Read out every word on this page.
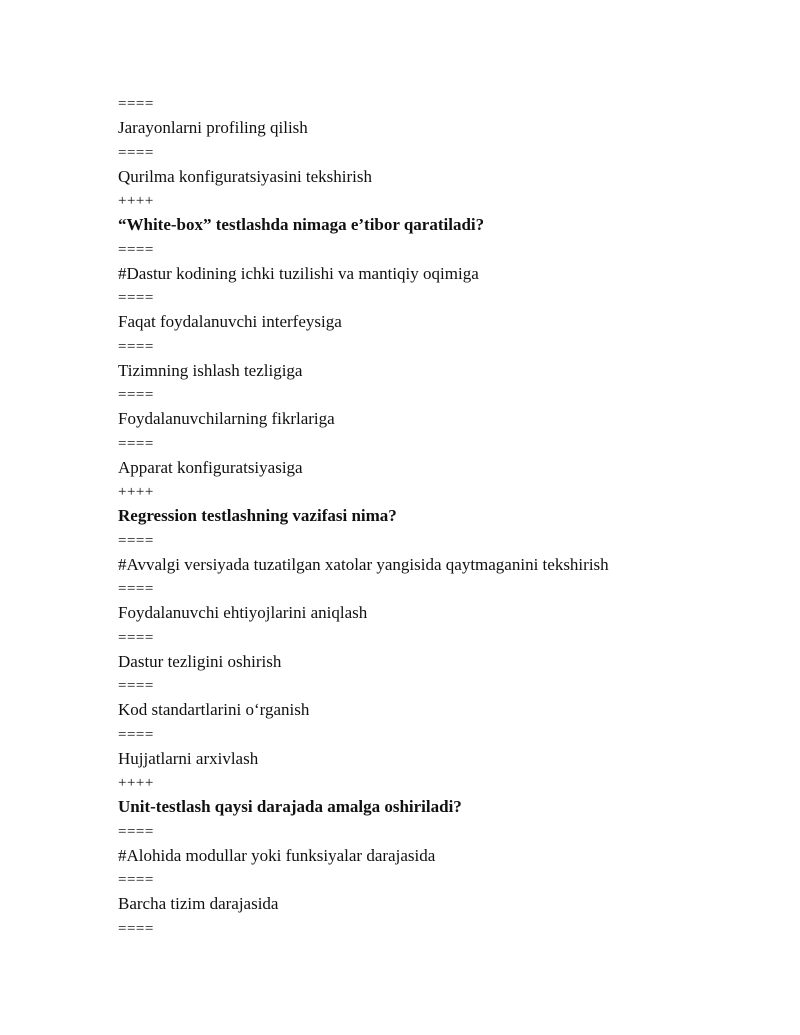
====
Jarayonlarni profiling qilish
====
Qurilma konfiguratsiyasini tekshirish
++++
“White-box” testlashda nimaga e’tibor qaratiladi?
====
#Dastur kodining ichki tuzilishi va mantiqiy oqimiga
====
Faqat foydalanuvchi interfeysiga
====
Tizimning ishlash tezligiga
====
Foydalanuvchilarning fikrlariga
====
Apparat konfiguratsiyasiga
++++
Regression testlashning vazifasi nima?
====
#Avvalgi versiyada tuzatilgan xatolar yangisida qaytmaganini tekshirish
====
Foydalanuvchi ehtiyojlarini aniqlash
====
Dastur tezligini oshirish
====
Kod standartlarini o‘rganish
====
Hujjatlarni arxivlash
++++
Unit-testlash qaysi darajada amalga oshiriladi?
====
#Alohida modullar yoki funksiyalar darajasida
====
Barcha tizim darajasida
====
